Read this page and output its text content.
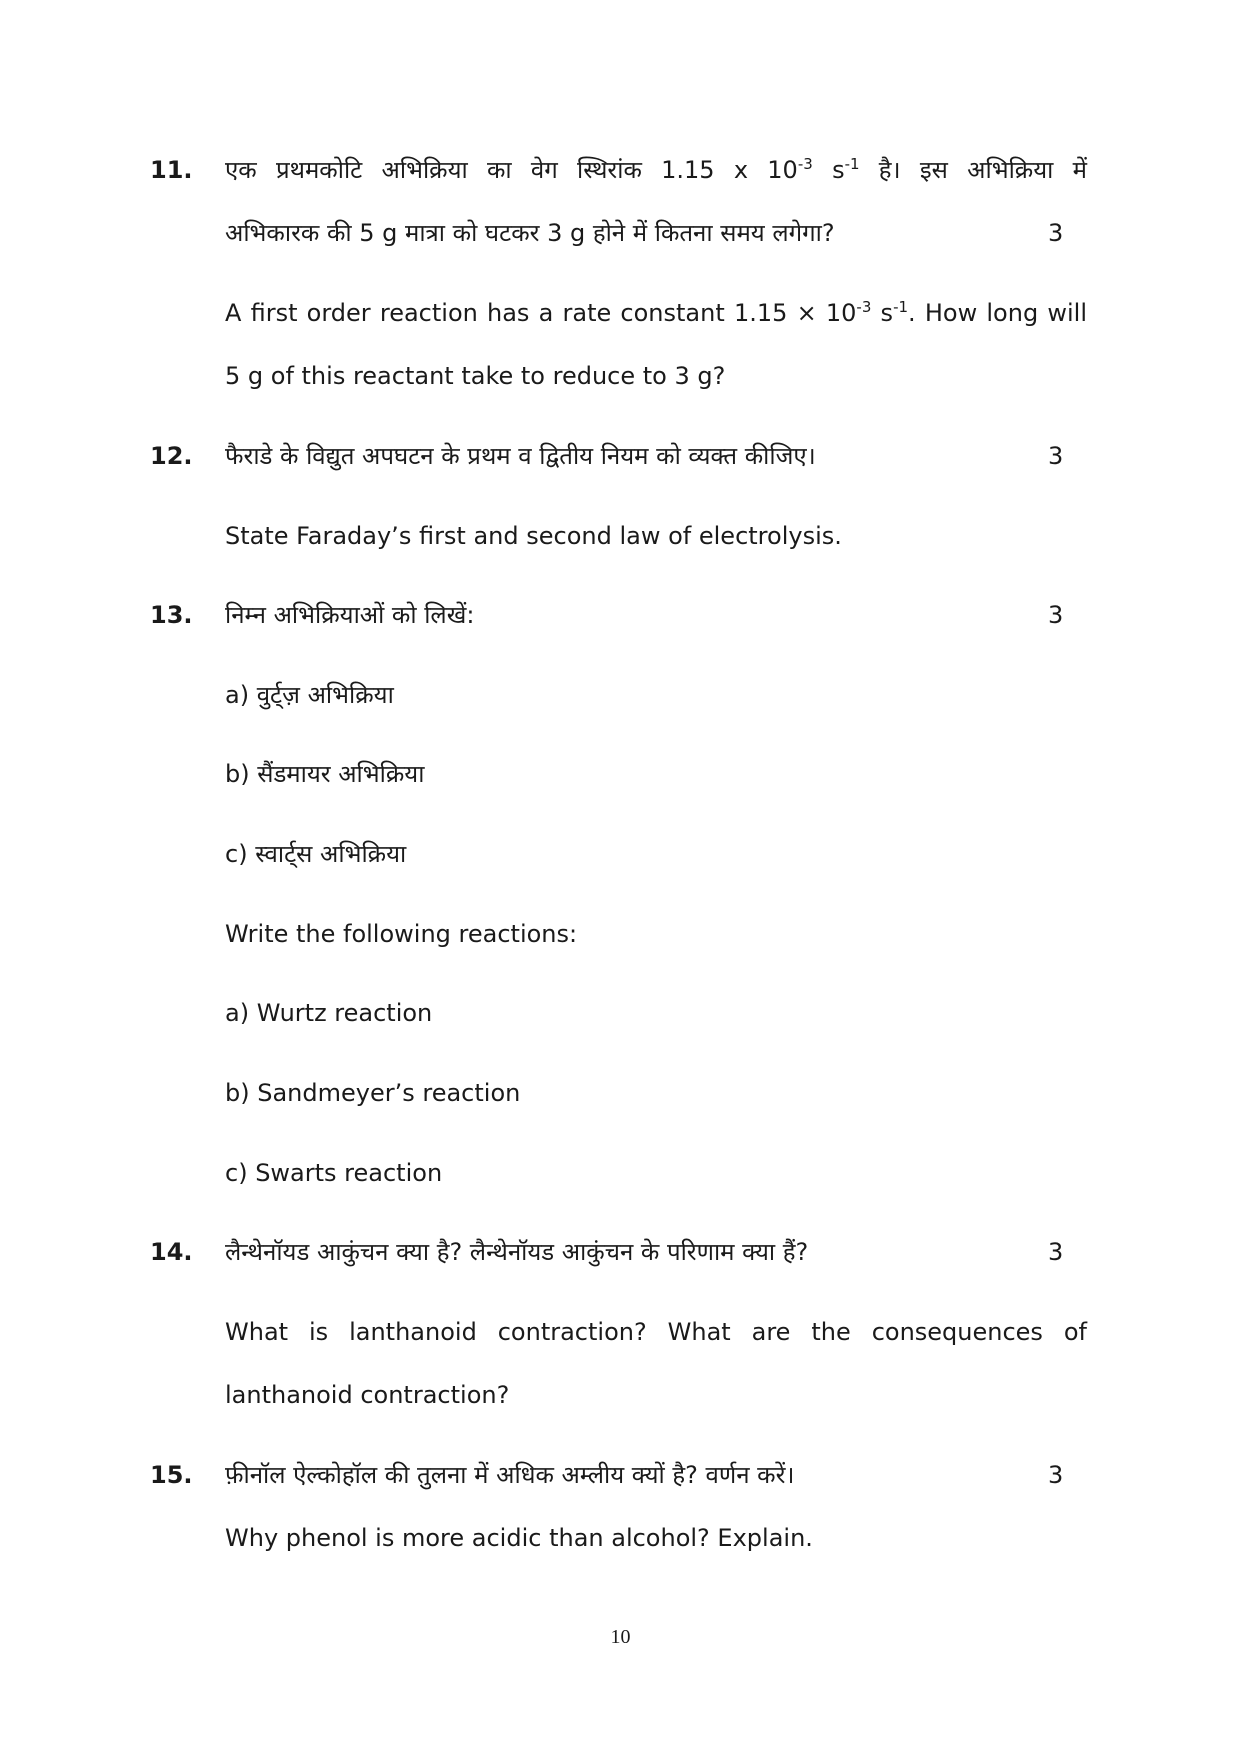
11. एक प्रथमकोटि अभिक्रिया का वेग स्थिरांक 1.15 x $10^{-3}$ $s^{-1}$ है। इस अभिक्रिया में
अभिकारक की 5 g मात्रा को घटकर 3 g होने में कितना समय लगेगा?	3
A first order reaction has a rate constant $1.15 \times 10^{-3}$ $s^{-1}$. How long will
5 g of this reactant take to reduce to 3 g?
12. फैराडे के विद्युत अपघटन के प्रथम व द्वितीय नियम को व्यक्त कीजिए।	3
State Faraday’s first and second law of electrolysis.
13. निम्न अभिक्रियाओं को लिखें:	3
a) वुर्ट्ज़ अभिक्रिया
b) सैंडमायर अभिक्रिया
c) स्वार्ट्स अभिक्रिया
Write the following reactions:
a) Wurtz reaction
b) Sandmeyer’s reaction
c) Swarts reaction
14. लैन्थेनॉयड आकुंचन क्या है? लैन्थेनॉयड आकुंचन के परिणाम क्या हैं?	3
What is lanthanoid contraction? What are the consequences of
lanthanoid contraction?
15. फ़ीनॉल ऐल्कोहॉल की तुलना में अधिक अम्लीय क्यों है? वर्णन करें।	3
Why phenol is more acidic than alcohol? Explain.
10
